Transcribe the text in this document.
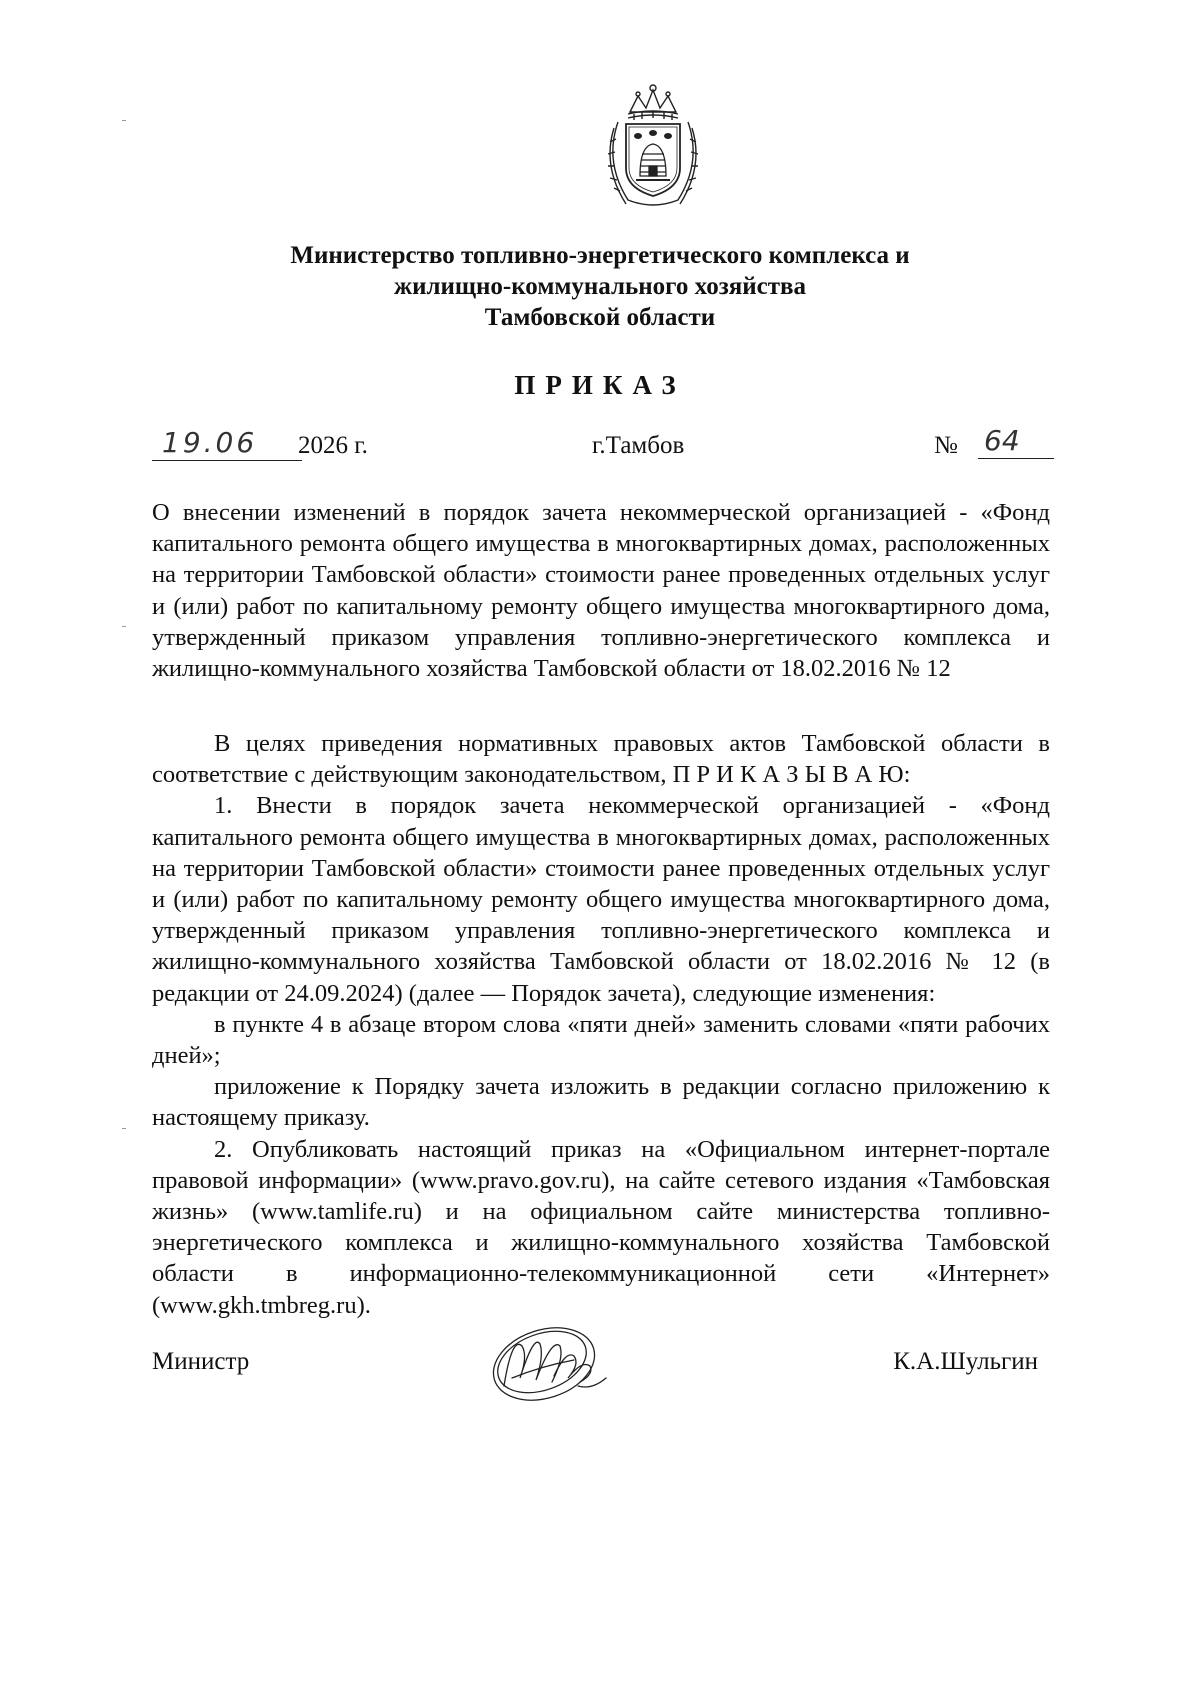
Министерство топливно-энергетического комплекса и
жилищно-коммунального хозяйства
Тамбовской области
ПРИКАЗ
19.06	2026 г.	г.Тамбов	№ 64
О внесении изменений в порядок зачета некоммерческой организацией - «Фонд капитального ремонта общего имущества в многоквартирных домах, расположенных на территории Тамбовской области» стоимости ранее проведенных отдельных услуг и (или) работ по капитальному ремонту общего имущества многоквартирного дома, утвержденный приказом управления топливно-энергетического комплекса и жилищно-коммунального хозяйства Тамбовской области от 18.02.2016 № 12

В целях приведения нормативных правовых актов Тамбовской области в соответствие с действующим законодательством, П Р И К А З Ы В А Ю:

1. Внести в порядок зачета некоммерческой организацией - «Фонд капитального ремонта общего имущества в многоквартирных домах, расположенных на территории Тамбовской области» стоимости ранее проведенных отдельных услуг и (или) работ по капитальному ремонту общего имущества многоквартирного дома, утвержденный приказом управления топливно-энергетического комплекса и жилищно-коммунального хозяйства Тамбовской области от 18.02.2016 № 12 (в редакции от 24.09.2024) (далее — Порядок зачета), следующие изменения:

в пункте 4 в абзаце втором слова «пяти дней» заменить словами «пяти рабочих дней»;

приложение к Порядку зачета изложить в редакции согласно приложению к настоящему приказу.

2. Опубликовать настоящий приказ на «Официальном интернет-портале правовой информации» (www.pravo.gov.ru), на сайте сетевого издания «Тамбовская жизнь» (www.tamlife.ru) и на официальном сайте министерства топливно-энергетического комплекса и жилищно-коммунального хозяйства Тамбовской области в информационно-телекоммуникационной сети «Интернет» (www.gkh.tmbreg.ru).

Министр	К.А.Шульгин
